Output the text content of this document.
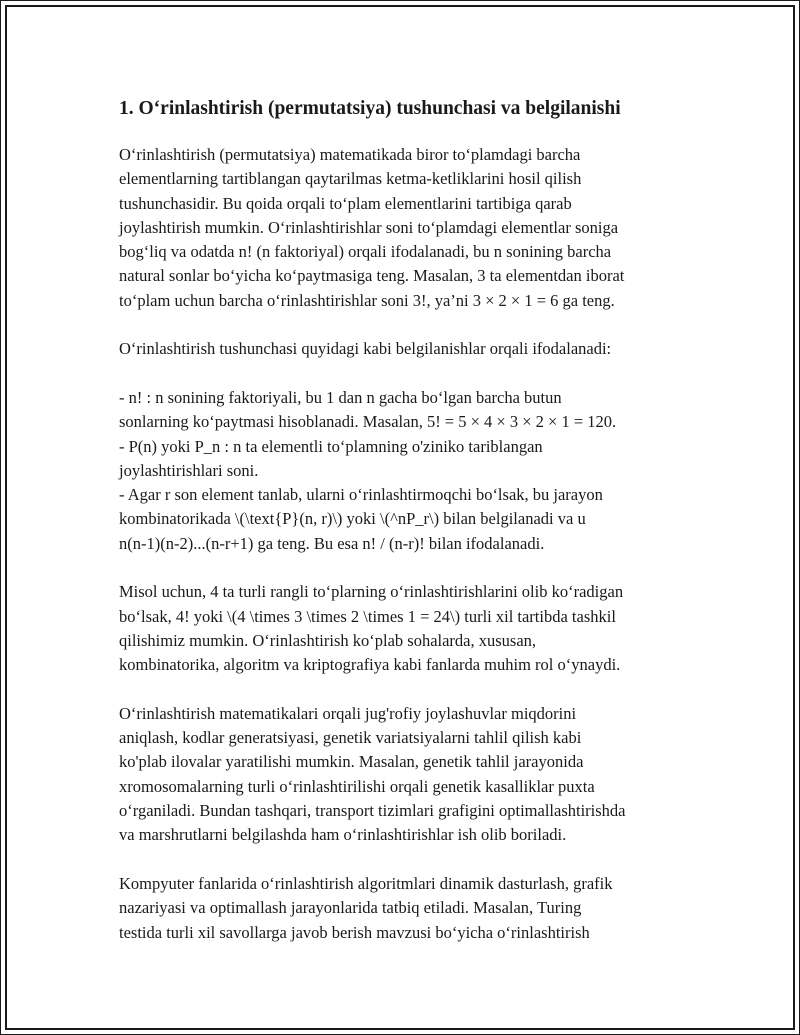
1. O‘rinlashtirish (permutatsiya) tushunchasi va belgilanishi
O‘rinlashtirish (permutatsiya) matematikada biror to‘plamdagi barcha
elementlarning tartiblangan qaytarilmas ketma-ketliklarini hosil qilish
tushunchasidir. Bu qoida orqali to‘plam elementlarini tartibiga qarab
joylashtirish mumkin. O‘rinlashtirishlar soni to‘plamdagi elementlar soniga
bog‘liq va odatda n! (n faktoriyal) orqali ifodalanadi, bu n sonining barcha
natural sonlar bo‘yicha ko‘paytmasiga teng. Masalan, 3 ta elementdan iborat
to‘plam uchun barcha o‘rinlashtirishlar soni 3!, ya’ni 3 × 2 × 1 = 6 ga teng.
O‘rinlashtirish tushunchasi quyidagi kabi belgilanishlar orqali ifodalanadi:
- n! : n sonining faktoriyali, bu 1 dan n gacha bo‘lgan barcha butun
sonlarning ko‘paytmasi hisoblanadi. Masalan, 5! = 5 × 4 × 3 × 2 × 1 = 120.
- P(n) yoki P_n : n ta elementli to‘plamning o'ziniko tariblangan
joylashtirishlari soni.
- Agar r son element tanlab, ularni o‘rinlashtirmoqchi bo‘lsak, bu jarayon
kombinatorikada \(\text{P}(n, r)\) yoki \(^nP_r\) bilan belgilanadi va u
n(n-1)(n-2)...(n-r+1) ga teng. Bu esa n! / (n-r)! bilan ifodalanadi.
Misol uchun, 4 ta turli rangli to‘plarning o‘rinlashtirishlarini olib ko‘radigan
bo‘lsak, 4! yoki \(4 \times 3 \times 2 \times 1 = 24\) turli xil tartibda tashkil
qilishimiz mumkin. O‘rinlashtirish ko‘plab sohalarda, xususan,
kombinatorika, algoritm va kriptografiya kabi fanlarda muhim rol o‘ynaydi.
O‘rinlashtirish matematikalari orqali jug'rofiy joylashuvlar miqdorini
aniqlash, kodlar generatsiyasi, genetik variatsiyalarni tahlil qilish kabi
ko'plab ilovalar yaratilishi mumkin. Masalan, genetik tahlil jarayonida
xromosomalarning turli o‘rinlashtirilishi orqali genetik kasalliklar puxta
o‘rganiladi. Bundan tashqari, transport tizimlari grafigini optimallashtirishda
va marshrutlarni belgilashda ham o‘rinlashtirishlar ish olib boriladi.
Kompyuter fanlarida o‘rinlashtirish algoritmlari dinamik dasturlash, grafik
nazariyasi va optimallash jarayonlarida tatbiq etiladi. Masalan, Turing
testida turli xil savollarga javob berish mavzusi bo‘yicha o‘rinlashtirish
